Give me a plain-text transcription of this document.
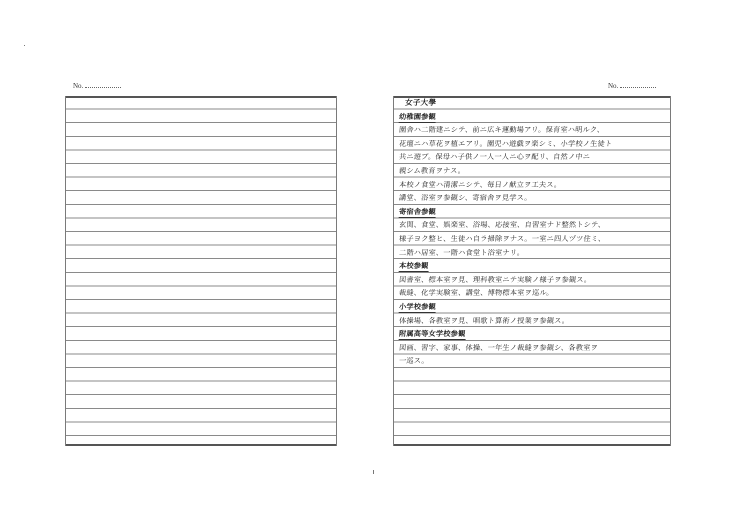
No.	No.
女子大學
幼稚園参観
園舎ハ二階建ニシテ、前ニ広キ運動場アリ。保育室ハ明ルク、
花壇ニハ草花ヲ植エアリ。園児ハ遊戯ヲ楽シミ、小学校ノ生徒ト
共ニ遊ブ。保母ハ子供ノ一人一人ニ心ヲ配リ、自然ノ中ニ
親シム教育ヲナス。
本校ノ食堂ハ清潔ニシテ、毎日ノ献立ヲ工夫ス。
講堂、浴室ヲ参観シ、寄宿舎ヲ見学ス。
寄宿舎参観
玄関、食堂、娯楽室、浴場、応接室、自習室ナド整然トシテ、
様子ヨク整ヒ、生徒ハ自ラ掃除ヲナス。一室ニ四人ヅツ住ミ、
二階ハ居室、一階ハ食堂ト浴室ナリ。
本校参観
図書室、標本室ヲ見、理科教室ニテ実験ノ様子ヲ参観ス。
裁縫、化学実験室、講堂、博物標本室ヲ巡ル。
小学校参観
体操場、各教室ヲ見、唱歌ト算術ノ授業ヲ参観ス。
附属高等女学校参観
図画、習字、家事、体操、一年生ノ裁縫ヲ参観シ、各教室ヲ
一巡ス。
